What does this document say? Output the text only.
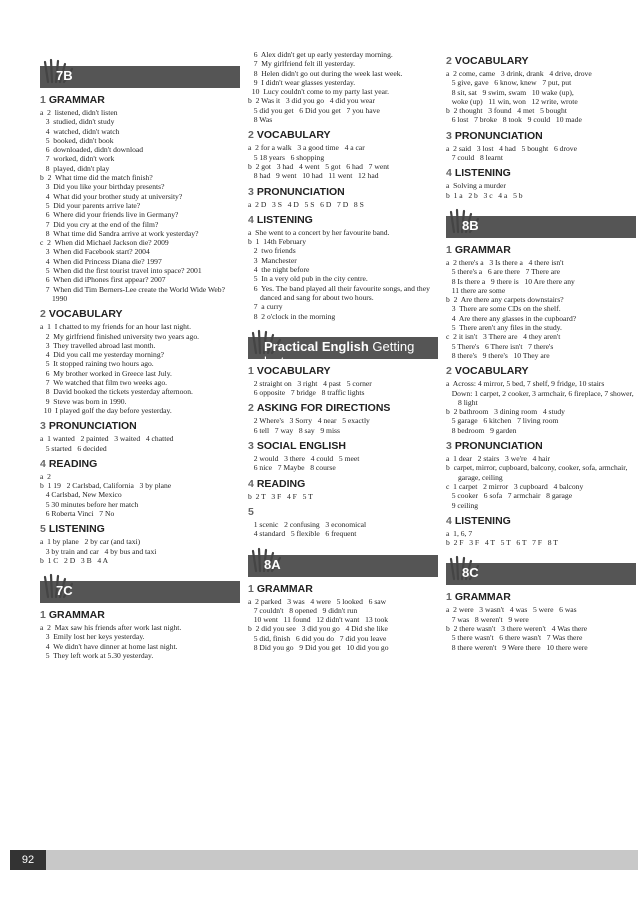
7B
1 GRAMMAR
a  2  listened, didn't listen
3  studied, didn't study
4  watched, didn't watch
5  booked, didn't book
6  downloaded, didn't download
7  worked, didn't work
8  played, didn't play
b  2  What time did the match finish?
3  Did you like your birthday presents?
4  What did your brother study at university?
5  Did your parents arrive late?
6  Where did your friends live in Germany?
7  Did you cry at the end of the film?
8  What time did Sandra arrive at work yesterday?
c  2  When did Michael Jackson die? 2009
3  When did Facebook start? 2004
4  When did Princess Diana die? 1997
5  When did the first tourist travel into space? 2001
6  When did iPhones first appear? 2007
7  When did Tim Berners-Lee create the World Wide Web? 1990
2 VOCABULARY
a  1  I chatted to my friends for an hour last night.
2  My girlfriend finished university two years ago.
3  They travelled abroad last month.
4  Did you call me yesterday morning?
5  It stopped raining two hours ago.
6  My brother worked in Greece last July.
7  We watched that film two weeks ago.
8  David booked the tickets yesterday afternoon.
9  Steve was born in 1990.
10  I played golf the day before yesterday.
3 PRONUNCIATION
a  1 wanted   2 painted   3 waited   4 chatted
5 started   6 decided
4 READING
a  2
b  1 19   2 Carlsbad, California   3 by plane
4 Carlsbad, New Mexico
5 30 minutes before her match
6 Roberta Vinci   7 No
5 LISTENING
a  1 by plane   2 by car (and taxi)
3 by train and car   4 by bus and taxi
b  1 C   2 D   3 B   4 A
7C
1 GRAMMAR
a  2  Max saw his friends after work last night.
3  Emily lost her keys yesterday.
4  We didn't have dinner at home last night.
5  They left work at 5.30 yesterday.
6  Alex didn't get up early yesterday morning.
7  My girlfriend felt ill yesterday.
8  Helen didn't go out during the week last week.
9  I didn't wear glasses yesterday.
10  Lucy couldn't come to my party last year.
b  2 Was it   3 did you go   4 did you wear
5 did you get   6 Did you get   7 you have
8 Was
2 VOCABULARY
a  2 for a walk   3 a good time   4 a car
5 18 years   6 shopping
b  2 got   3 had   4 went   5 got   6 had   7 went
8 had   9 went   10 had   11 went   12 had
3 PRONUNCIATION
a  2 D   3 S   4 D   5 S   6 D   7 D   8 S
4 LISTENING
a  She went to a concert by her favourite band.
b  1  14th February
2  two friends
3  Manchester
4  the night before
5  In a very old pub in the city centre.
6  Yes. The band played all their favourite songs, and they danced and sang for about two hours.
7  a curry
8  2 o'clock in the morning
Practical English Getting lost
1 VOCABULARY
2 straight on   3 right   4 past   5 corner
6 opposite   7 bridge   8 traffic lights
2 ASKING FOR DIRECTIONS
2 Where's   3 Sorry   4 near   5 exactly
6 tell   7 way   8 say   9 miss
3 SOCIAL ENGLISH
2 would   3 there   4 could   5 meet
6 nice   7 Maybe   8 course
4 READING
b  2 T   3 F   4 F   5 T
5
1 scenic   2 confusing   3 economical
4 standard   5 flexible   6 frequent
8A
1 GRAMMAR
a  2 parked   3 was   4 were   5 looked   6 saw
7 couldn't   8 opened   9 didn't run
10 went   11 found   12 didn't want   13 took
b  2 did you see   3 did you go   4 Did she like
5 did, finish   6 did you do   7 did you leave
8 Did you go   9 Did you get   10 did you go
2 VOCABULARY
a  2 come, came   3 drink, drank   4 drive, drove
5 give, gave   6 know, knew   7 put, put
8 sit, sat   9 swim, swam   10 wake (up),
woke (up)   11 win, won   12 write, wrote
b  2 thought   3 found   4 met   5 bought
6 lost   7 broke   8 took   9 could   10 made
3 PRONUNCIATION
a  2 said   3 lost   4 had   5 bought   6 drove
7 could   8 learnt
4 LISTENING
a  Solving a murder
b  1 a   2 b   3 c   4 a   5 b
8B
1 GRAMMAR
a  2 there's a   3 Is there a   4 there isn't
5 there's a   6 are there   7 There are
8 Is there a   9 there is   10 Are there any
11 there are some
b  2  Are there any carpets downstairs?
3  There are some CDs on the shelf.
4  Are there any glasses in the cupboard?
5  There aren't any files in the study.
c  2 it isn't   3 There are   4 they aren't
5 There's   6 There isn't   7 there's
8 there's   9 there's   10 They are
2 VOCABULARY
a  Across: 4 mirror, 5 bed, 7 shelf, 9 fridge, 10 stairs
Down: 1 carpet, 2 cooker, 3 armchair, 6 fireplace, 7 shower, 8 light
b  2 bathroom   3 dining room   4 study
5 garage   6 kitchen   7 living room
8 bedroom   9 garden
3 PRONUNCIATION
a  1 dear   2 stairs   3 we're   4 hair
b  carpet, mirror, cupboard, balcony, cooker, sofa, armchair, garage, ceiling
c  1 carpet   2 mirror   3 cupboard   4 balcony
5 cooker   6 sofa   7 armchair   8 garage
9 ceiling
4 LISTENING
a  1, 6, 7
b  2 F   3 F   4 T   5 T   6 T   7 F   8 T
8C
1 GRAMMAR
a  2 were   3 wasn't   4 was   5 were   6 was
7 was   8 weren't   9 were
b  2 there wasn't   3 there weren't   4 Was there
5 there wasn't   6 there wasn't   7 Was there
8 there weren't   9 Were there   10 there were
92
